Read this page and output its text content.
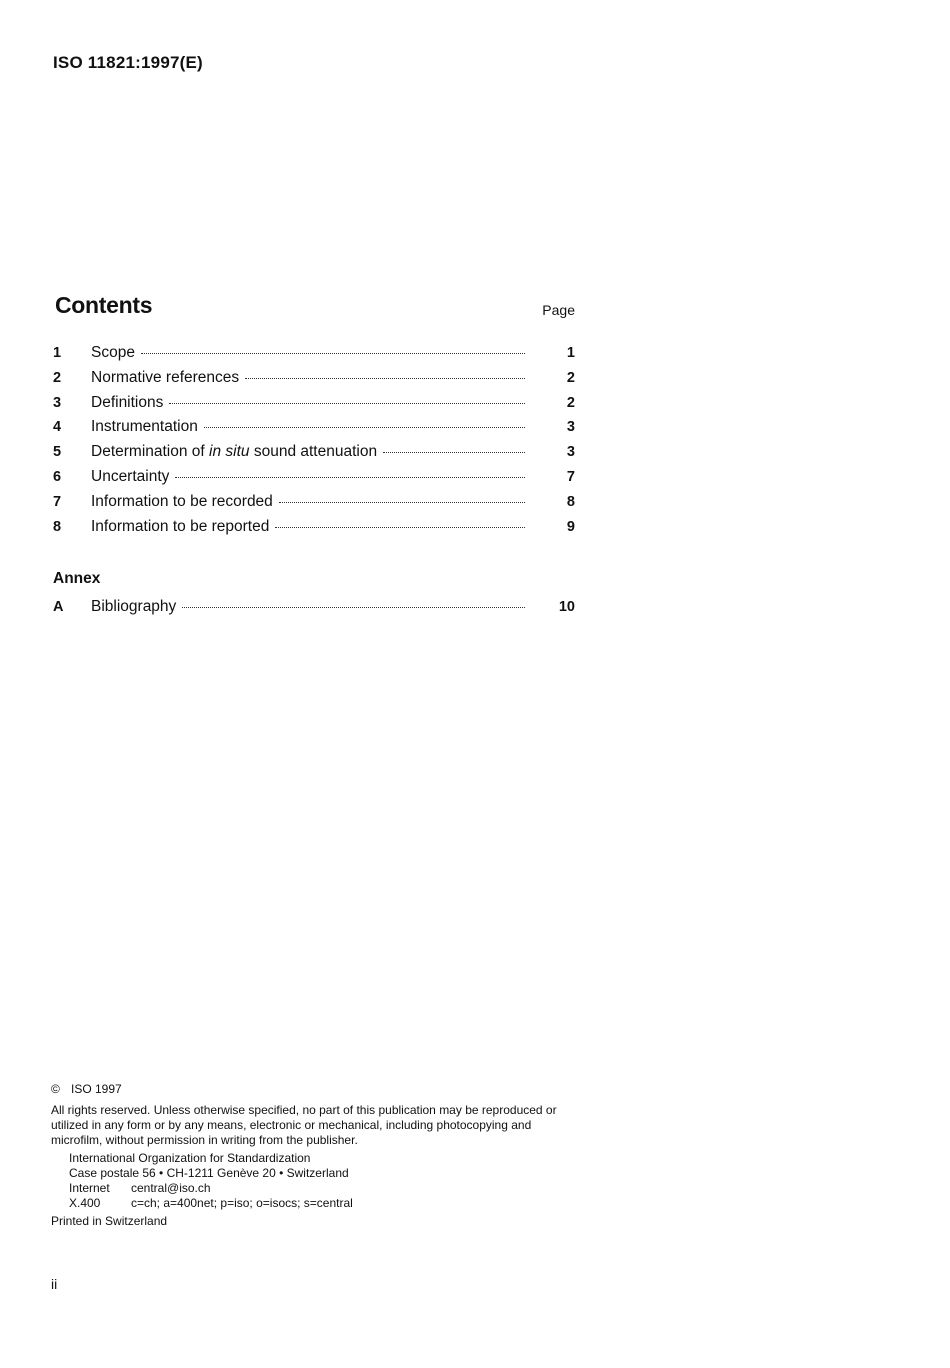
ISO 11821:1997(E)
Contents	Page
1	Scope	1
2	Normative references	2
3	Definitions	2
4	Instrumentation	3
5	Determination of in situ sound attenuation	3
6	Uncertainty	7
7	Information to be recorded	8
8	Information to be reported	9
Annex
A	Bibliography	10
© ISO 1997

All rights reserved. Unless otherwise specified, no part of this publication may be reproduced or utilized in any form or by any means, electronic or mechanical, including photocopying and microfilm, without permission in writing from the publisher.

International Organization for Standardization
Case postale 56 • CH-1211 Genève 20 • Switzerland
Internet central@iso.ch
X.400	c=ch; a=400net; p=iso; o=isocs; s=central
Printed in Switzerland
ii
